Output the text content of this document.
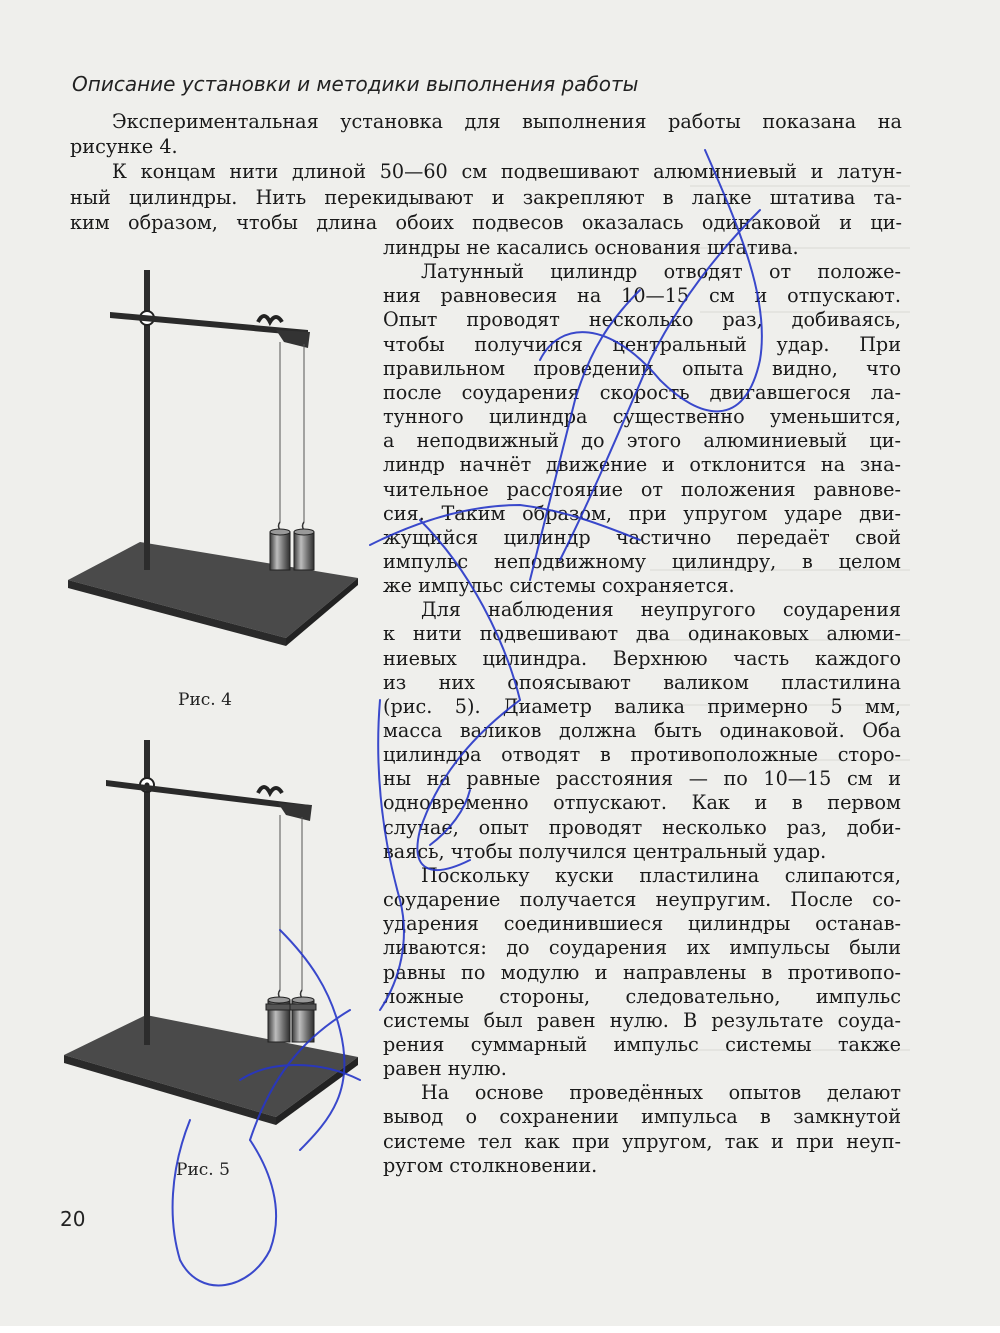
Описание установки и методики выполнения работы
Экспериментальная установка для выполнения работы показана на
рисунке 4.
К концам нити длиной 50—60 см подвешивают алюминиевый и латун-
ный цилиндры. Нить перекидывают и закрепляют в лапке штатива та-
ким образом, чтобы длина обоих подвесов оказалась одинаковой и ци-
линдры не касались основания штатива.
Латунный цилиндр отводят от положе-
ния равновесия на 10—15 см и отпускают.
Опыт проводят несколько раз, добиваясь,
чтобы получился центральный удар. При
правильном проведении опыта видно, что
после соударения скорость двигавшегося ла-
тунного цилиндра существенно уменьшится,
а неподвижный до этого алюминиевый ци-
линдр начнёт движение и отклонится на зна-
чительное расстояние от положения равнове-
сия. Таким образом, при упругом ударе дви-
жущийся цилиндр частично передаёт свой
импульс неподвижному цилиндру, в целом
же импульс системы сохраняется.
Для наблюдения неупругого соударения
к нити подвешивают два одинаковых алюми-
ниевых цилиндра. Верхнюю часть каждого
из них опоясывают валиком пластилина
(рис. 5). Диаметр валика примерно 5 мм,
масса валиков должна быть одинаковой. Оба
цилиндра отводят в противоположные сторо-
ны на равные расстояния — по 10—15 см и
одновременно отпускают. Как и в первом
случае, опыт проводят несколько раз, доби-
ваясь, чтобы получился центральный удар.
Поскольку куски пластилина слипаются,
соударение получается неупругим. После со-
ударения соединившиеся цилиндры останав-
ливаются: до соударения их импульсы были
равны по модулю и направлены в противопо-
ложные стороны, следовательно, импульс
системы был равен нулю. В результате соуда-
рения суммарный импульс системы также
равен нулю.
На основе проведённых опытов делают
вывод о сохранении импульса в замкнутой
системе тел как при упругом, так и при неуп-
ругом столкновении.
Рис. 4
Рис. 5
20
